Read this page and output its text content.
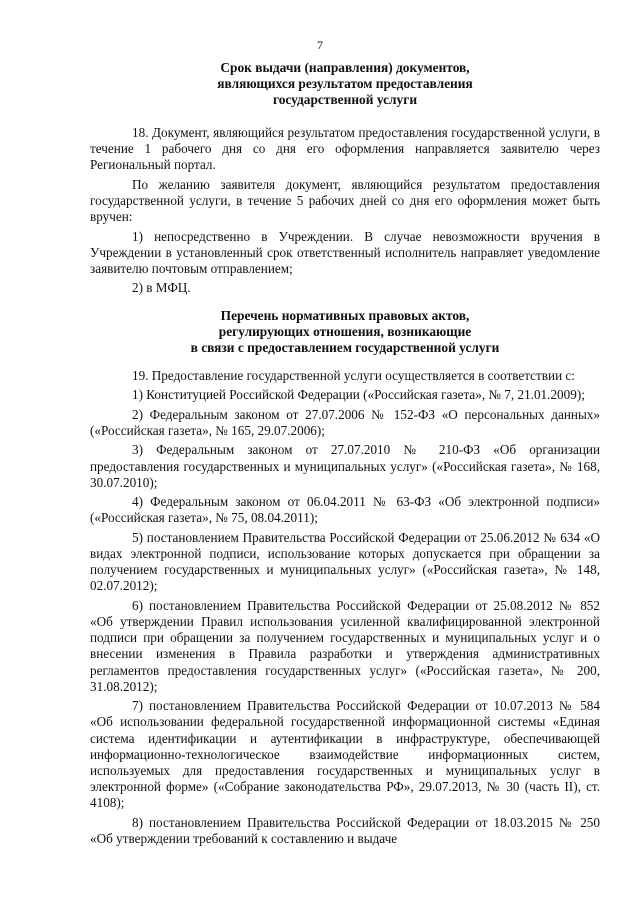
7
Срок выдачи (направления) документов,
являющихся результатом предоставления
государственной услуги

18. Документ, являющийся результатом предоставления государственной услуги, в течение 1 рабочего дня со дня его оформления направляется заявителю через Региональный портал.

По желанию заявителя документ, являющийся результатом предоставления государственной услуги, в течение 5 рабочих дней со дня его оформления может быть вручен:

1) непосредственно в Учреждении. В случае невозможности вручения в Учреждении в установленный срок ответственный исполнитель направляет уведомление заявителю почтовым отправлением;

2) в МФЦ.

Перечень нормативных правовых актов,
регулирующих отношения, возникающие
в связи с предоставлением государственной услуги

19. Предоставление государственной услуги осуществляется в соответствии с:

1) Конституцией Российской Федерации («Российская газета», № 7, 21.01.2009);

2) Федеральным законом от 27.07.2006 № 152-ФЗ «О персональных данных» («Российская газета», № 165, 29.07.2006);

3) Федеральным законом от 27.07.2010 № 210-ФЗ «Об организации предоставления государственных и муниципальных услуг» («Российская газета», № 168, 30.07.2010);

4) Федеральным законом от 06.04.2011 № 63-ФЗ «Об электронной подписи» («Российская газета», № 75, 08.04.2011);

5) постановлением Правительства Российской Федерации от 25.06.2012 № 634 «О видах электронной подписи, использование которых допускается при обращении за получением государственных и муниципальных услуг» («Российская газета», № 148, 02.07.2012);

6) постановлением Правительства Российской Федерации от 25.08.2012 № 852 «Об утверждении Правил использования усиленной квалифицированной электронной подписи при обращении за получением государственных и муниципальных услуг и о внесении изменения в Правила разработки и утверждения административных регламентов предоставления государственных услуг» («Российская газета», № 200, 31.08.2012);

7) постановлением Правительства Российской Федерации от 10.07.2013 № 584 «Об использовании федеральной государственной информационной системы «Единая система идентификации и аутентификации в инфраструктуре, обеспечивающей информационно-технологическое взаимодействие информационных систем, используемых для предоставления государственных и муниципальных услуг в электронной форме» («Собрание законодательства РФ», 29.07.2013, № 30 (часть II), ст. 4108);

8) постановлением Правительства Российской Федерации от 18.03.2015 № 250 «Об утверждении требований к составлению и выдаче
